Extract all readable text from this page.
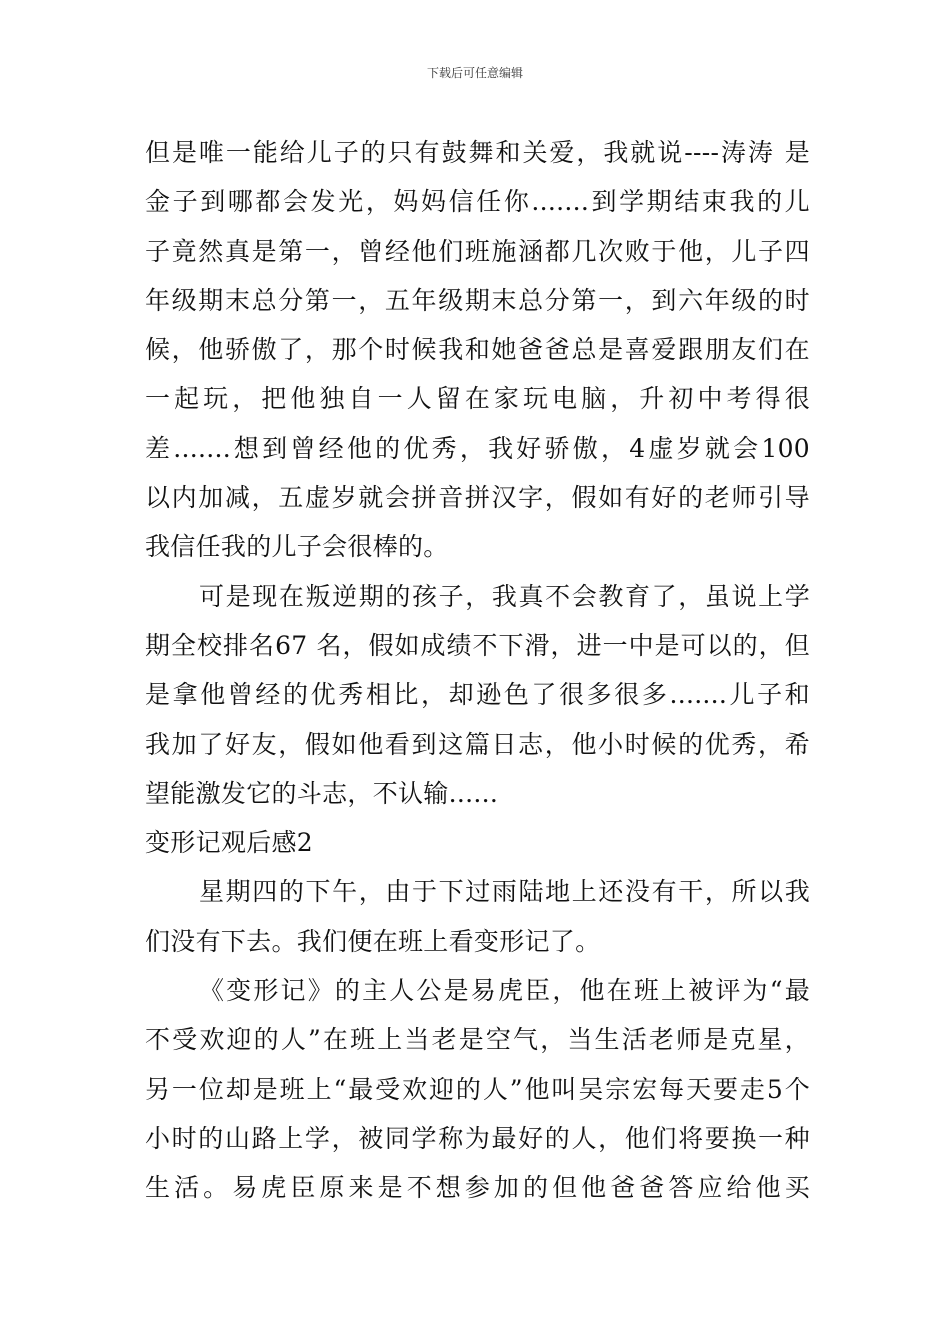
下载后可任意编辑
但是唯一能给儿子的只有鼓舞和关爱，我就说----涛涛 是
金子到哪都会发光，妈妈信任你.......到学期结束我的儿
子竟然真是第一，曾经他们班施涵都几次败于他，儿子四
年级期末总分第一，五年级期末总分第一，到六年级的时
候，他骄傲了，那个时候我和她爸爸总是喜爱跟朋友们在
一起玩，把他独自一人留在家玩电脑，升初中考得很
差.......想到曾经他的优秀，我好骄傲，4虚岁就会100
以内加减，五虚岁就会拼音拼汉字，假如有好的老师引导
我信任我的儿子会很棒的。
可是现在叛逆期的孩子，我真不会教育了，虽说上学
期全校排名67 名，假如成绩不下滑，进一中是可以的，但
是拿他曾经的优秀相比，却逊色了很多很多.......儿子和
我加了好友，假如他看到这篇日志，他小时候的优秀，希
望能激发它的斗志，不认输......
变形记观后感2
星期四的下午，由于下过雨陆地上还没有干，所以我
们没有下去。我们便在班上看变形记了。
《变形记》的主人公是易虎臣，他在班上被评为“最
不受欢迎的人”在班上当老是空气，当生活老师是克星，
另一位却是班上“最受欢迎的人”他叫吴宗宏每天要走5个
小时的山路上学，被同学称为最好的人，他们将要换一种
生活。易虎臣原来是不想参加的但他爸爸答应给他买
